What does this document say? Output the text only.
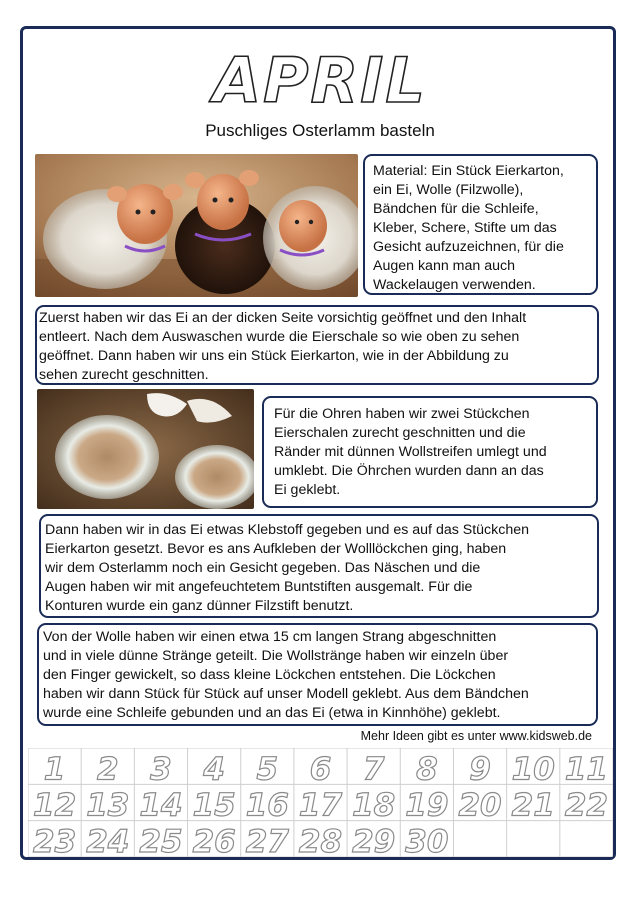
APRIL
Puschliges Osterlamm basteln

Material: Ein Stück Eierkarton,
ein Ei, Wolle (Filzwolle),
Bändchen für die Schleife,
Kleber, Schere, Stifte um das
Gesicht aufzuzeichnen, für die
Augen kann man auch
Wackelaugen verwenden.

Zuerst haben wir das Ei an der dicken Seite vorsichtig geöffnet und den Inhalt
entleert. Nach dem Auswaschen wurde die Eierschale so wie oben zu sehen
geöffnet. Dann haben wir uns ein Stück Eierkarton, wie in der Abbildung zu
sehen zurecht geschnitten.

Für die Ohren haben wir zwei Stückchen
Eierschalen zurecht geschnitten und die
Ränder mit dünnen Wollstreifen umlegt und
umklebt. Die Öhrchen wurden dann an das
Ei geklebt.

Dann haben wir in das Ei etwas Klebstoff gegeben und es auf das Stückchen
Eierkarton gesetzt. Bevor es ans Aufkleben der Wolllöckchen ging, haben
wir dem Osterlamm noch ein Gesicht gegeben. Das Näschen und die
Augen haben wir mit angefeuchtetem Buntstiften ausgemalt. Für die
Konturen wurde ein ganz dünner Filzstift benutzt.

Von der Wolle haben wir einen etwa 15 cm langen Strang abgeschnitten
und in viele dünne Stränge geteilt. Die Wollstränge haben wir einzeln über
den Finger gewickelt, so dass kleine Löckchen entstehen. Die Löckchen
haben wir dann Stück für Stück auf unser Modell geklebt. Aus dem Bändchen
wurde eine Schleife gebunden und an das Ei (etwa in Kinnhöhe) geklebt.

Mehr Ideen gibt es unter www.kidsweb.de
1 2 3 4 5 6 7 8 9 10 11
12 13 14 15 16 17 18 19 20 21 22
23 24 25 26 27 28 29 30
